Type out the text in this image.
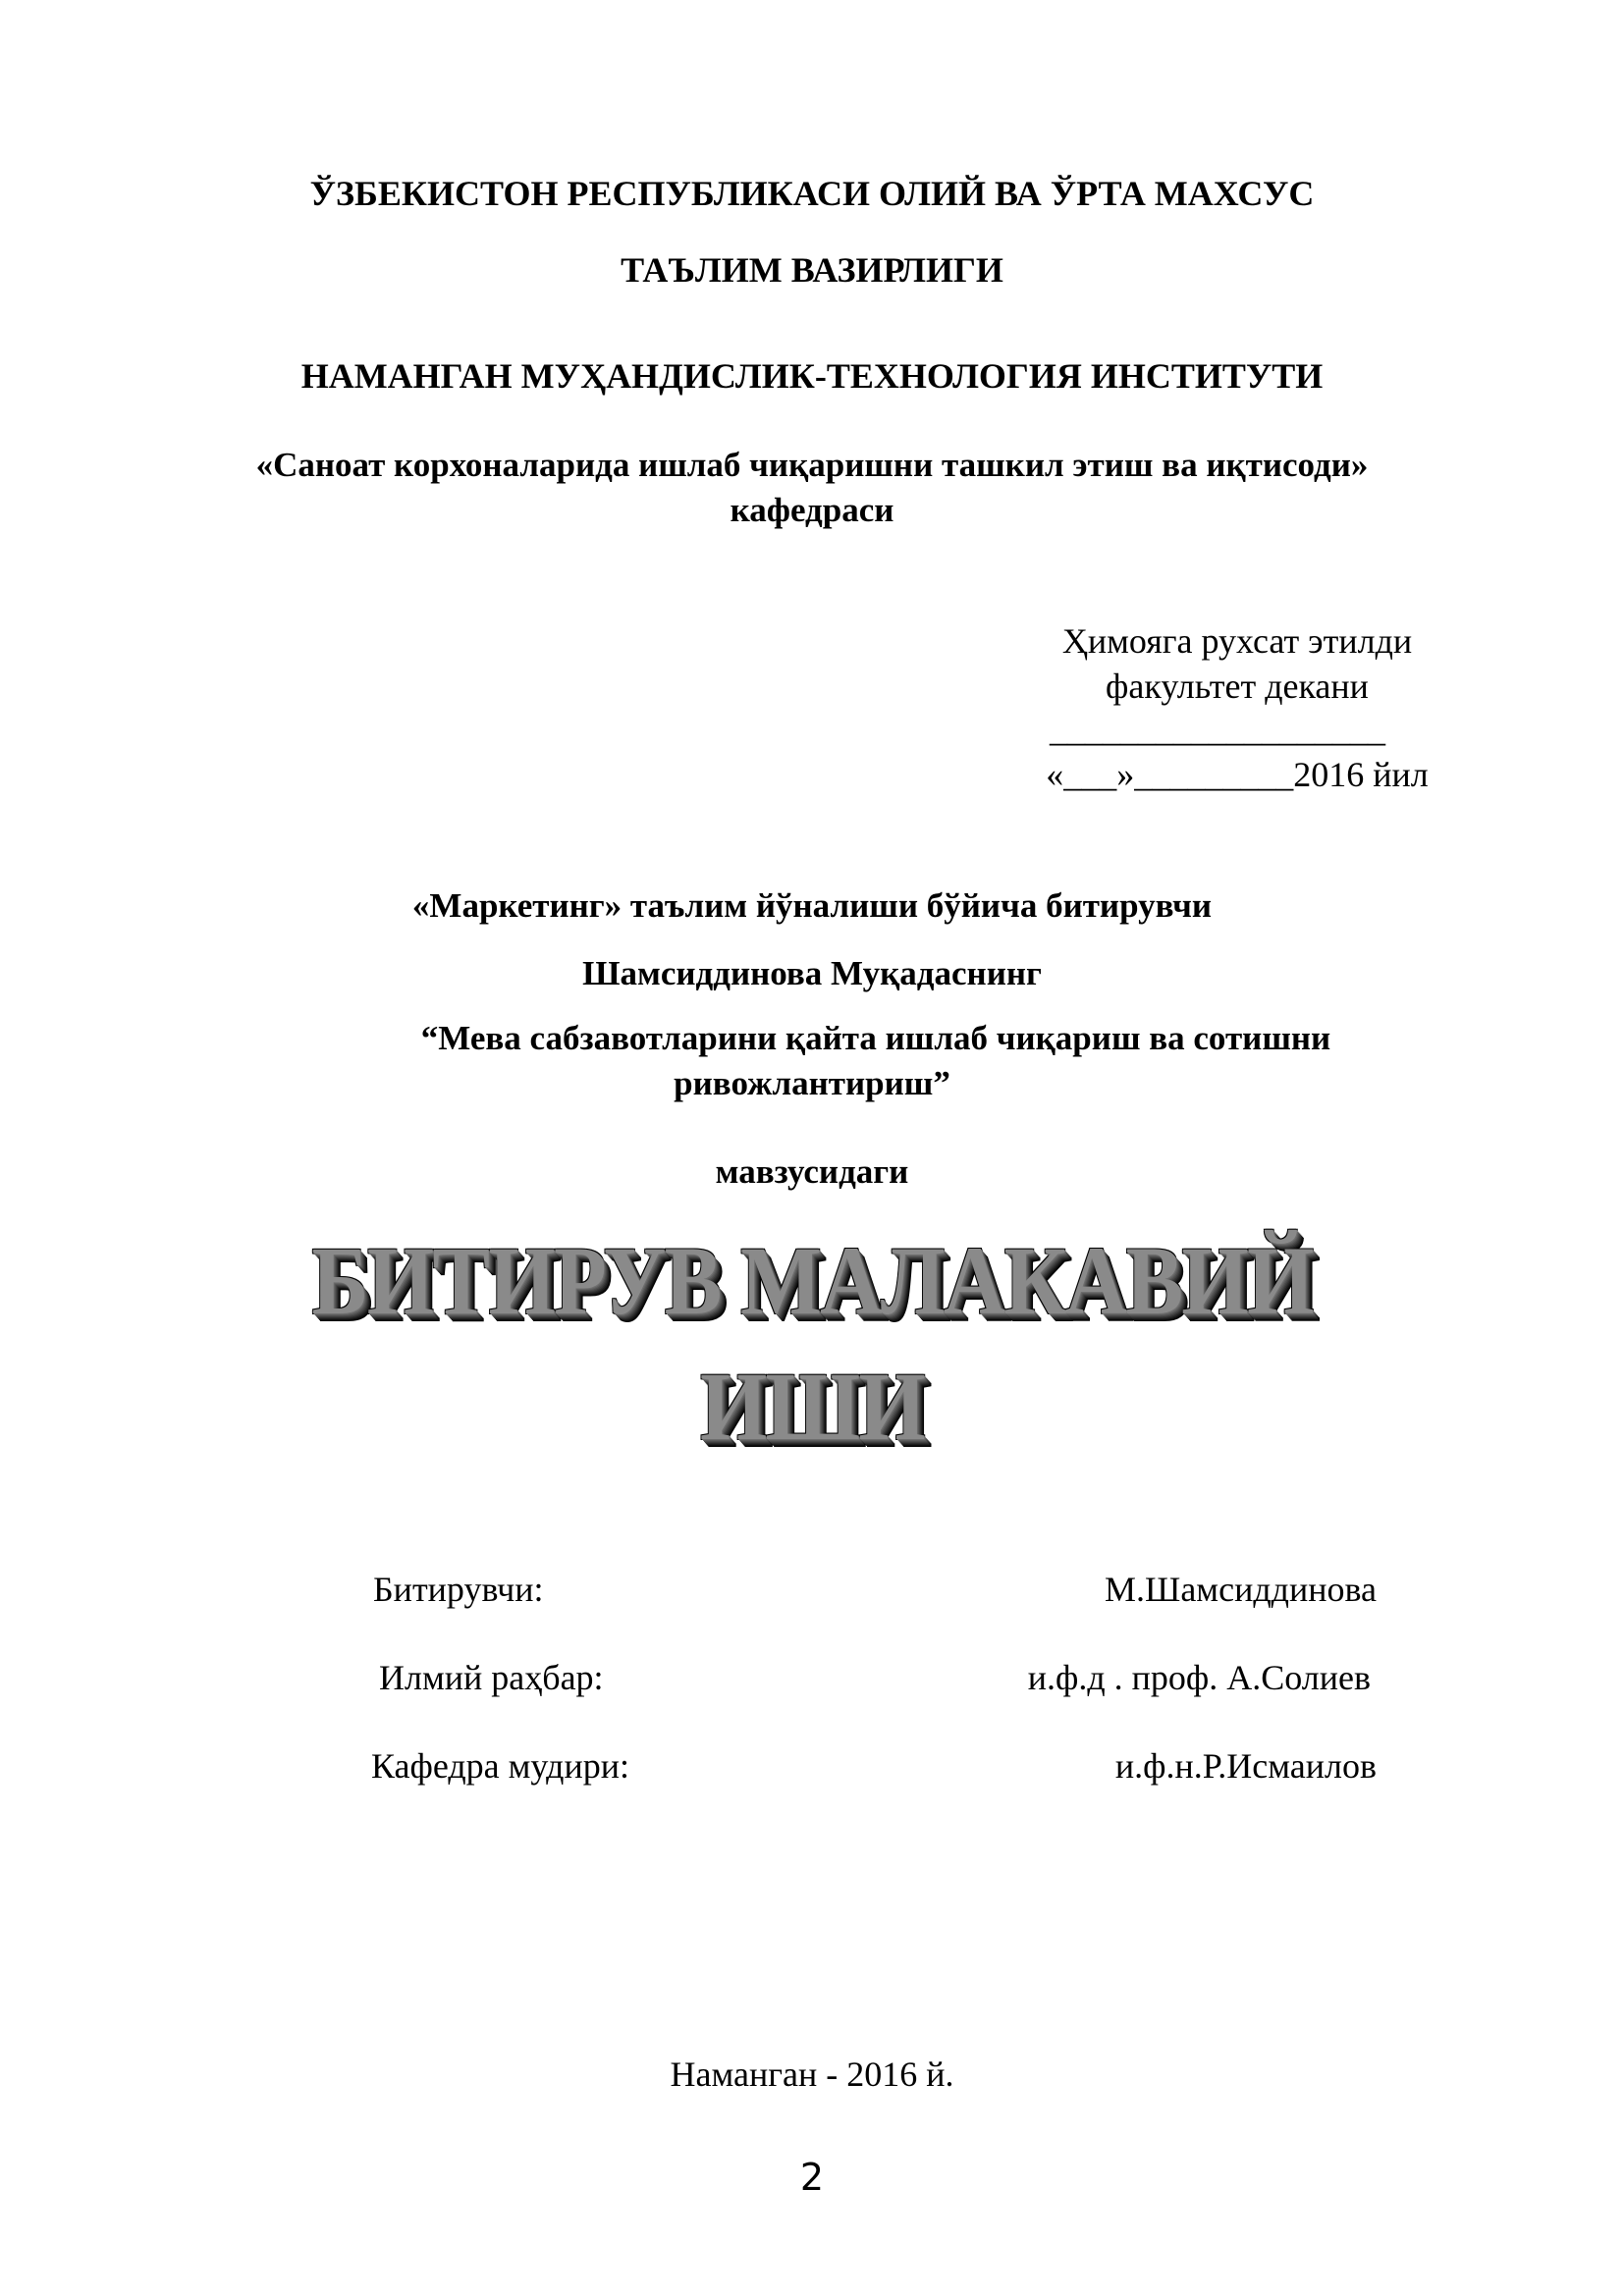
ЎЗБЕКИСТОН РЕСПУБЛИКАСИ ОЛИЙ ВА ЎРТА МАХСУС
ТАЪЛИМ ВАЗИРЛИГИ
НАМАНГАН МУҲАНДИСЛИК-ТЕХНОЛОГИЯ ИНСТИТУТИ
«Саноат корхоналарида ишлаб чиқаришни ташкил этиш ва иқтисоди»
кафедраси
Ҳимояга рухсат этилди
факультет декани
___________________
«___»_________2016 йил
«Маркетинг» таълим йўналиши бўйича битирувчи
Шамсиддинова Муқадаснинг
“Мева сабзавотларини қайта ишлаб чиқариш ва сотишни
ривожлантириш”
мавзусидаги
БИТИРУВ МАЛАКАВИЙ
ИШИ
Битирувчи:	М.Шамсиддинова
Илмий раҳбар:	и.ф.д . проф. А.Солиев
Кафедра мудири:	и.ф.н.Р.Исмаилов
Наманган - 2016 й.
2
